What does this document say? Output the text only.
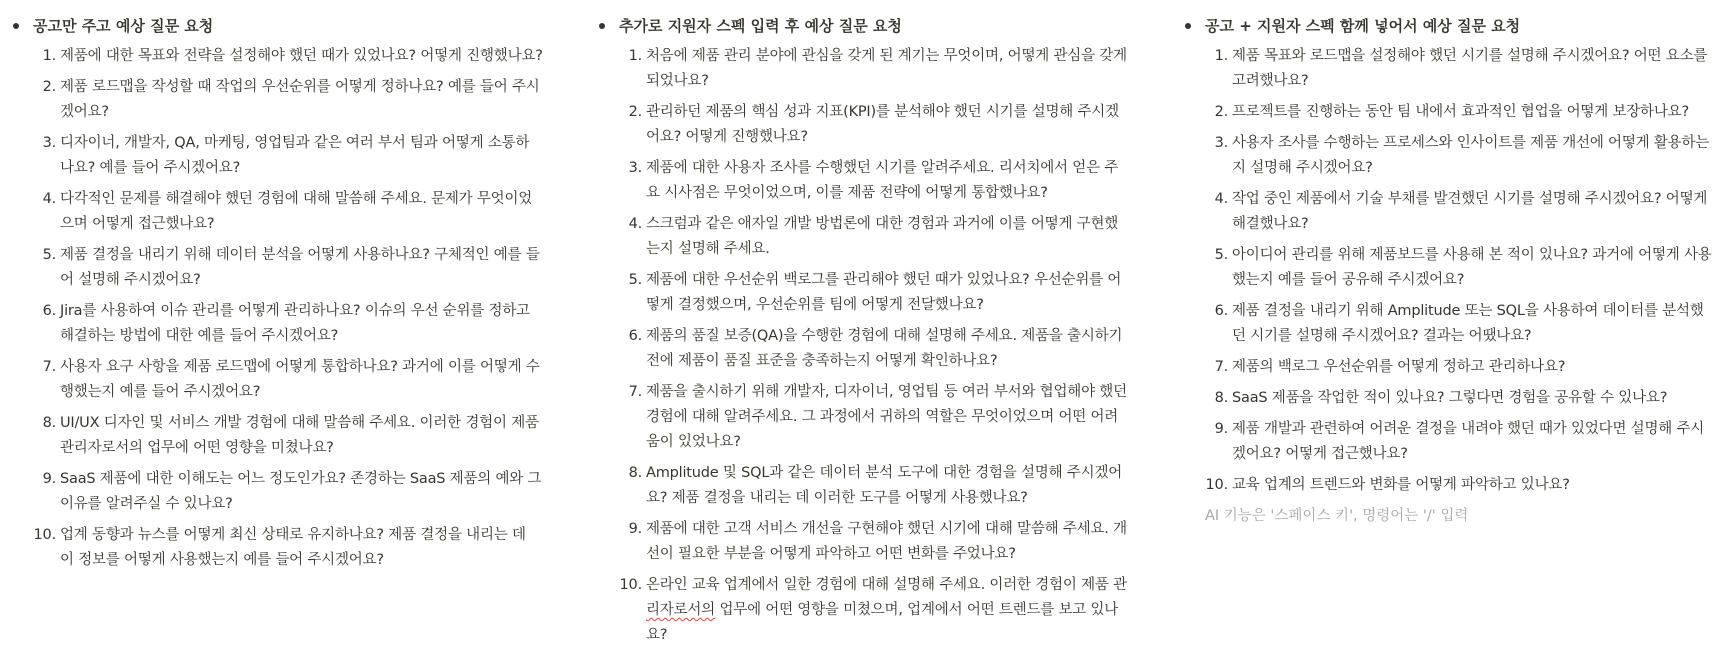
공고만 주고 예상 질문 요청
1. 제품에 대한 목표와 전략을 설정해야 했던 때가 있었나요? 어떻게 진행했나요?
2. 제품 로드맵을 작성할 때 작업의 우선순위를 어떻게 정하나요? 예를 들어 주시겠어요?
3. 디자이너, 개발자, QA, 마케팅, 영업팀과 같은 여러 부서 팀과 어떻게 소통하나요? 예를 들어 주시겠어요?
4. 다각적인 문제를 해결해야 했던 경험에 대해 말씀해 주세요. 문제가 무엇이었으며 어떻게 접근했나요?
5. 제품 결정을 내리기 위해 데이터 분석을 어떻게 사용하나요? 구체적인 예를 들어 설명해 주시겠어요?
6. Jira를 사용하여 이슈 관리를 어떻게 관리하나요? 이슈의 우선 순위를 정하고 해결하는 방법에 대한 예를 들어 주시겠어요?
7. 사용자 요구 사항을 제품 로드맵에 어떻게 통합하나요? 과거에 이를 어떻게 수행했는지 예를 들어 주시겠어요?
8. UI/UX 디자인 및 서비스 개발 경험에 대해 말씀해 주세요. 이러한 경험이 제품 관리자로서의 업무에 어떤 영향을 미쳤나요?
9. SaaS 제품에 대한 이해도는 어느 정도인가요? 존경하는 SaaS 제품의 예와 그 이유를 알려주실 수 있나요?
10. 업계 동향과 뉴스를 어떻게 최신 상태로 유지하나요? 제품 결정을 내리는 데 이 정보를 어떻게 사용했는지 예를 들어 주시겠어요?
추가로 지원자 스펙 입력 후 예상 질문 요청
1. 처음에 제품 관리 분야에 관심을 갖게 된 계기는 무엇이며, 어떻게 관심을 갖게 되었나요?
2. 관리하던 제품의 핵심 성과 지표(KPI)를 분석해야 했던 시기를 설명해 주시겠어요? 어떻게 진행했나요?
3. 제품에 대한 사용자 조사를 수행했던 시기를 알려주세요. 리서치에서 얻은 주요 시사점은 무엇이었으며, 이를 제품 전략에 어떻게 통합했나요?
4. 스크럼과 같은 애자일 개발 방법론에 대한 경험과 과거에 이를 어떻게 구현했는지 설명해 주세요.
5. 제품에 대한 우선순위 백로그를 관리해야 했던 때가 있었나요? 우선순위를 어떻게 결정했으며, 우선순위를 팀에 어떻게 전달했나요?
6. 제품의 품질 보증(QA)을 수행한 경험에 대해 설명해 주세요. 제품을 출시하기 전에 제품이 품질 표준을 충족하는지 어떻게 확인하나요?
7. 제품을 출시하기 위해 개발자, 디자이너, 영업팀 등 여러 부서와 협업해야 했던 경험에 대해 알려주세요. 그 과정에서 귀하의 역할은 무엇이었으며 어떤 어려움이 있었나요?
8. Amplitude 및 SQL과 같은 데이터 분석 도구에 대한 경험을 설명해 주시겠어요? 제품 결정을 내리는 데 이러한 도구를 어떻게 사용했나요?
9. 제품에 대한 고객 서비스 개선을 구현해야 했던 시기에 대해 말씀해 주세요. 개선이 필요한 부분을 어떻게 파악하고 어떤 변화를 주었나요?
10. 온라인 교육 업계에서 일한 경험에 대해 설명해 주세요. 이러한 경험이 제품 관리자로서의 업무에 어떤 영향을 미쳤으며, 업계에서 어떤 트렌드를 보고 있나요?
공고 + 지원자 스펙 함께 넣어서 예상 질문 요청
1. 제품 목표와 로드맵을 설정해야 했던 시기를 설명해 주시겠어요? 어떤 요소를 고려했나요?
2. 프로젝트를 진행하는 동안 팀 내에서 효과적인 협업을 어떻게 보장하나요?
3. 사용자 조사를 수행하는 프로세스와 인사이트를 제품 개선에 어떻게 활용하는지 설명해 주시겠어요?
4. 작업 중인 제품에서 기술 부채를 발견했던 시기를 설명해 주시겠어요? 어떻게 해결했나요?
5. 아이디어 관리를 위해 제품보드를 사용해 본 적이 있나요? 과거에 어떻게 사용했는지 예를 들어 공유해 주시겠어요?
6. 제품 결정을 내리기 위해 Amplitude 또는 SQL을 사용하여 데이터를 분석했던 시기를 설명해 주시겠어요? 결과는 어땠나요?
7. 제품의 백로그 우선순위를 어떻게 정하고 관리하나요?
8. SaaS 제품을 작업한 적이 있나요? 그렇다면 경험을 공유할 수 있나요?
9. 제품 개발과 관련하여 어려운 결정을 내려야 했던 때가 있었다면 설명해 주시겠어요? 어떻게 접근했나요?
10. 교육 업계의 트렌드와 변화를 어떻게 파악하고 있나요?
AI 기능은 '스페이스 키', 명령어는 '/' 입력
